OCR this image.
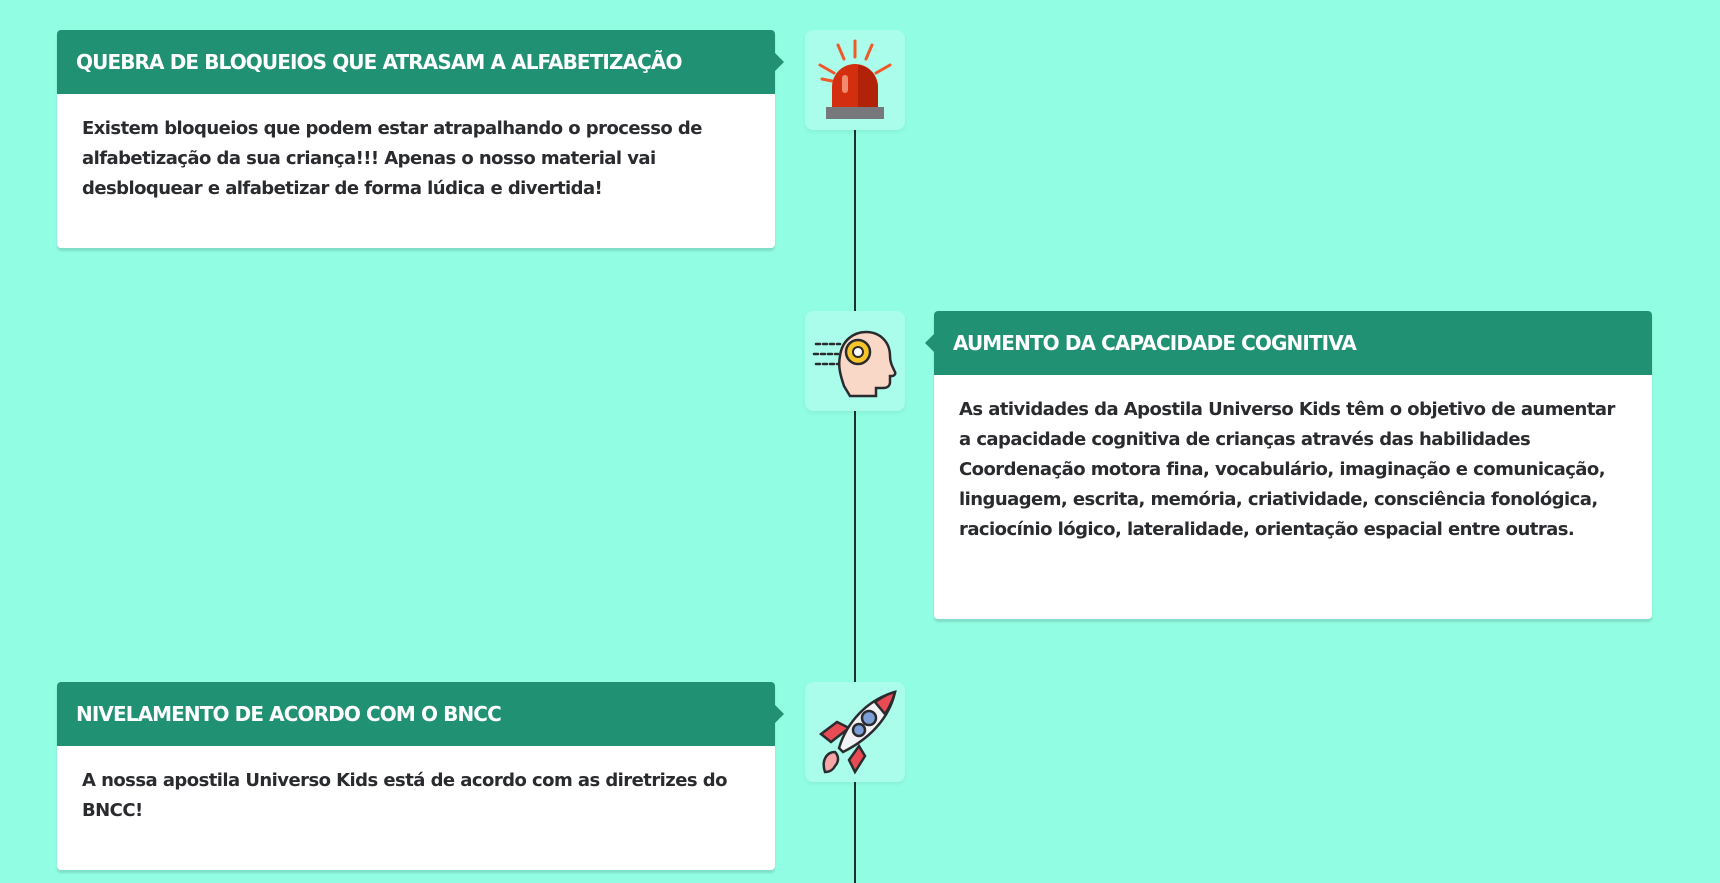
QUEBRA DE BLOQUEIOS QUE ATRASAM A ALFABETIZAÇÃO
Existem bloqueios que podem estar atrapalhando o processo de alfabetização da sua criança!!! Apenas o nosso material vai desbloquear e alfabetizar de forma lúdica e divertida!
AUMENTO DA CAPACIDADE COGNITIVA
As atividades da Apostila Universo Kids têm o objetivo de aumentar a capacidade cognitiva de crianças através das habilidades Coordenação motora fina, vocabulário, imaginação e comunicação, linguagem, escrita, memória, criatividade, consciência fonológica, raciocínio lógico, lateralidade, orientação espacial entre outras.
NIVELAMENTO DE ACORDO COM O BNCC
A nossa apostila Universo Kids está de acordo com as diretrizes do BNCC!
